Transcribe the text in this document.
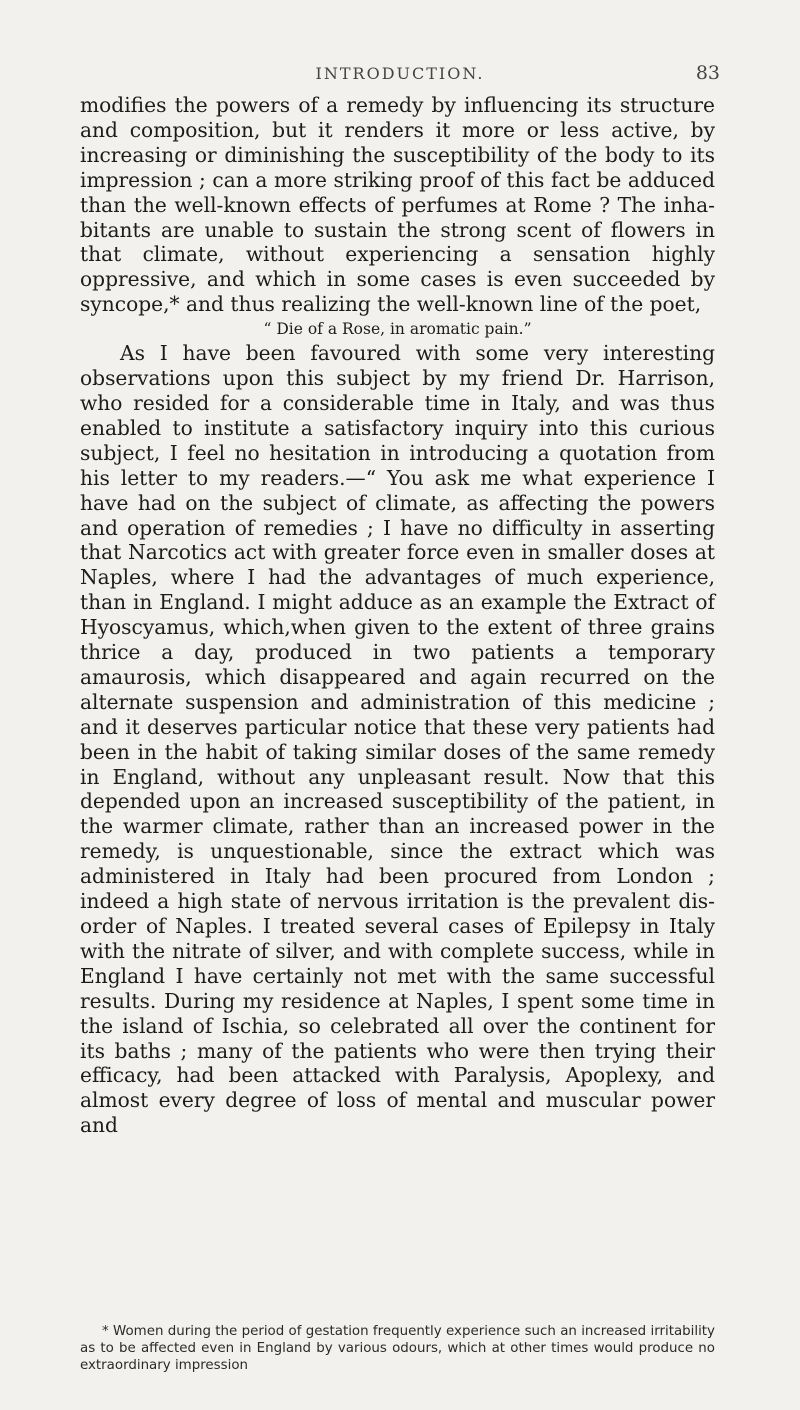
INTRODUCTION.	83

modifies the powers of a remedy by influencing its structure and composition, but it renders it more or less active, by increasing or diminishing the susceptibility of the body to its impression ; can a more striking proof of this fact be adduced than the well-known effects of perfumes at Rome ? The inhabitants are unable to sustain the strong scent of flowers in that climate, without experiencing a sensation highly oppressive, and which in some cases is even succeeded by syncope,* and thus realizing the well-known line of the poet,

“ Die of a Rose, in aromatic pain.”

As I have been favoured with some very interesting observations upon this subject by my friend Dr. Harrison, who resided for a considerable time in Italy, and was thus enabled to institute a satisfactory inquiry into this curious subject, I feel no hesitation in introducing a quotation from his letter to my readers.—“ You ask me what experience I have had on the subject of climate, as affecting the powers and operation of remedies ; I have no difficulty in asserting that Narcotics act with greater force even in smaller doses at Naples, where I had the advantages of much experience, than in England. I might adduce as an example the Extract of Hyoscyamus, which,when given to the extent of three grains thrice a day, produced in two patients a temporary amaurosis, which disappeared and again recurred on the alternate suspension and administration of this medicine ; and it deserves particular notice that these very patients had been in the habit of taking similar doses of the same remedy in England, without any unpleasant result. Now that this depended upon an increased susceptibility of the patient, in the warmer climate, rather than an increased power in the remedy, is unquestionable, since the extract which was administered in Italy had been procured from London ; indeed a high state of nervous irritation is the prevalent disorder of Naples. I treated several cases of Epilepsy in Italy with the nitrate of silver, and with complete success, while in England I have certainly not met with the same successful results. During my residence at Naples, I spent some time in the island of Ischia, so celebrated all over the continent for its baths ; many of the patients who were then trying their efficacy, had been attacked with Paralysis, Apoplexy, and almost every degree of loss of mental and muscular power and

* Women during the period of gestation frequently experience such an increased irritability as to be affected even in England by various odours, which at other times would produce no extraordinary impression
